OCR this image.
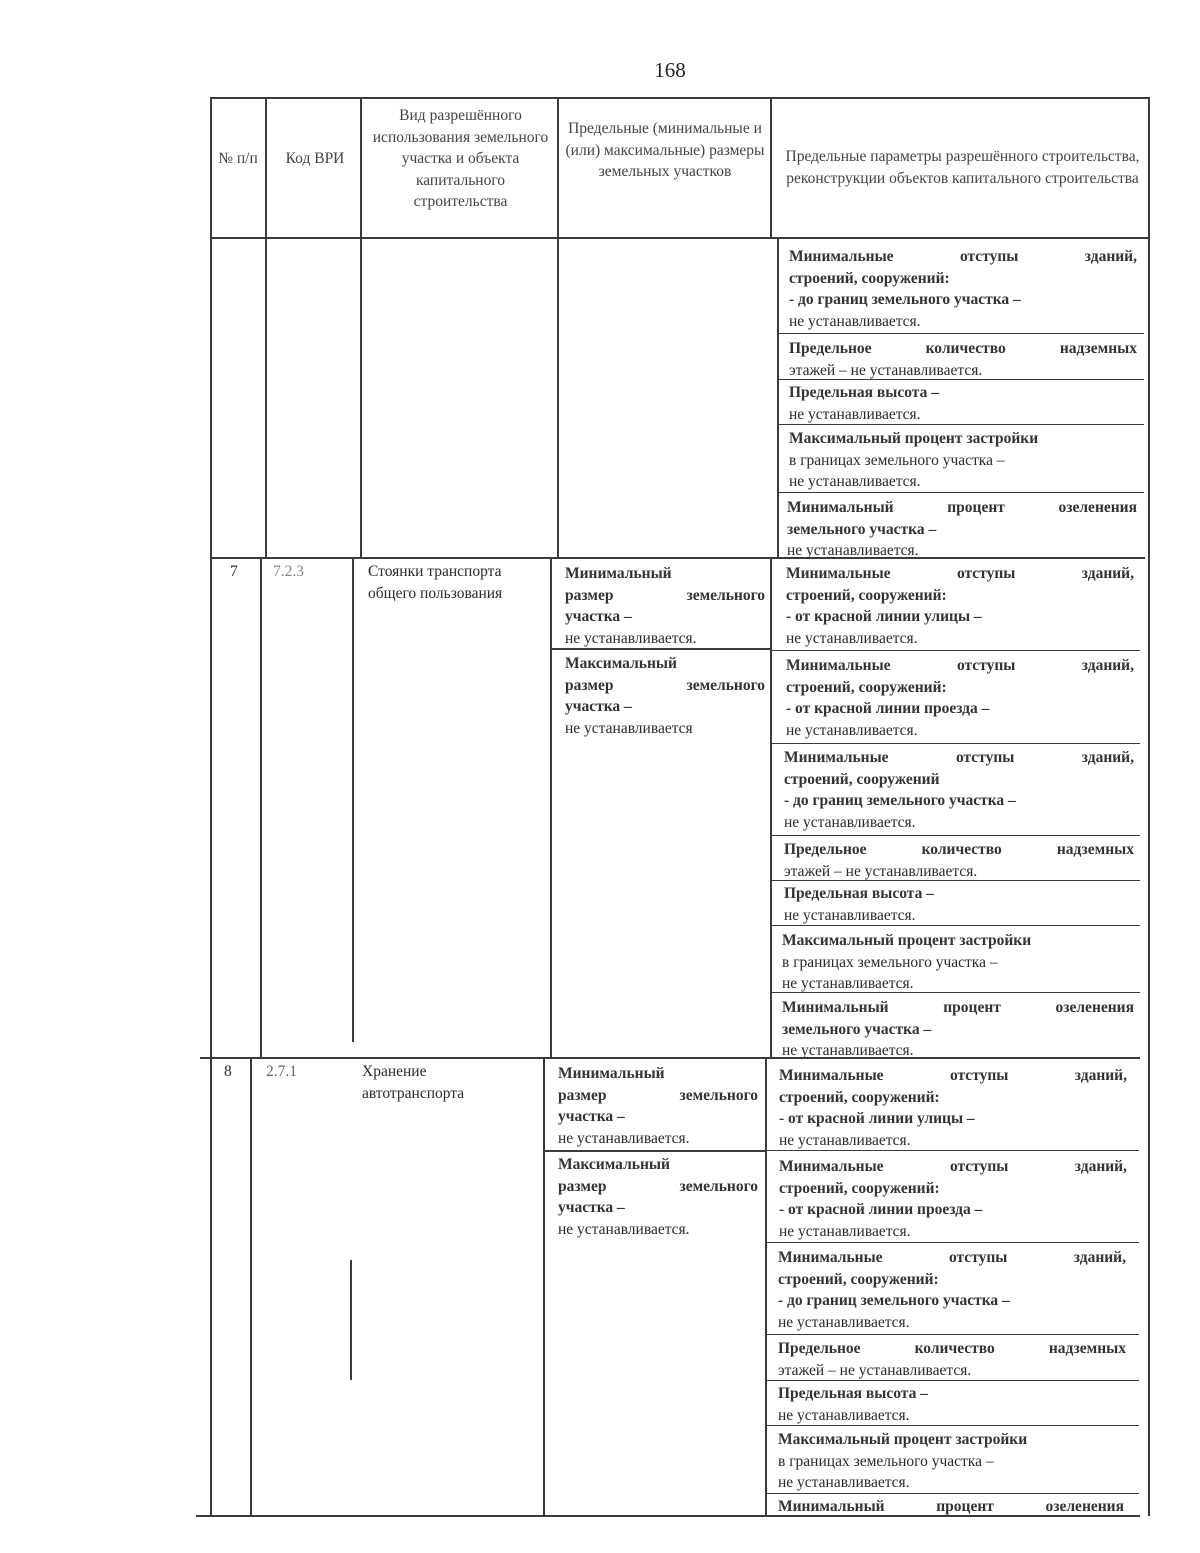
168
№ п/п Код ВРИ
Вид разрешённого использования земельного участка и объекта капитального строительства
Предельные (минимальные и (или) максимальные) размеры земельных участков
Предельные параметры разрешённого строительства, реконструкции объектов капитального строительства
Минимальные отступы зданий,
строений, сооружений:
- до границ земельного участка –
не устанавливается.
Предельное количество надземных
этажей – не устанавливается.
Предельная высота –
не устанавливается.
Максимальный процент застройки
в границах земельного участка –
не устанавливается.
Минимальный процент озеленения
земельного участка –
не устанавливается.
7 7.2.3	Стоянки транспорта общего пользования
Минимальный
размер земельного
участка –
не устанавливается.
Максимальный
размер земельного
участка –
не устанавливается
Минимальные отступы зданий,
строений, сооружений:
- от красной линии улицы –
не устанавливается.
Минимальные отступы зданий,
строений, сооружений:
- от красной линии проезда –
не устанавливается.
Минимальные отступы зданий,
строений, сооружений
- до границ земельного участка –
не устанавливается.
Предельное количество надземных
этажей – не устанавливается.
Предельная высота –
не устанавливается.
Максимальный процент застройки
в границах земельного участка –
не устанавливается.
Минимальный процент озеленения
земельного участка –
не устанавливается.
8 2.7.1	Хранение автотранспорта
Минимальный
размер земельного
участка –
не устанавливается.
Максимальный
размер земельного
участка –
не устанавливается.
Минимальные отступы зданий,
строений, сооружений:
- от красной линии улицы –
не устанавливается.
Минимальные отступы зданий,
строений, сооружений:
- от красной линии проезда –
не устанавливается.
Минимальные отступы зданий,
строений, сооружений:
- до границ земельного участка –
не устанавливается.
Предельное количество надземных
этажей – не устанавливается.
Предельная высота –
не устанавливается.
Максимальный процент застройки
в границах земельного участка –
не устанавливается.
Минимальный процент озеленения
